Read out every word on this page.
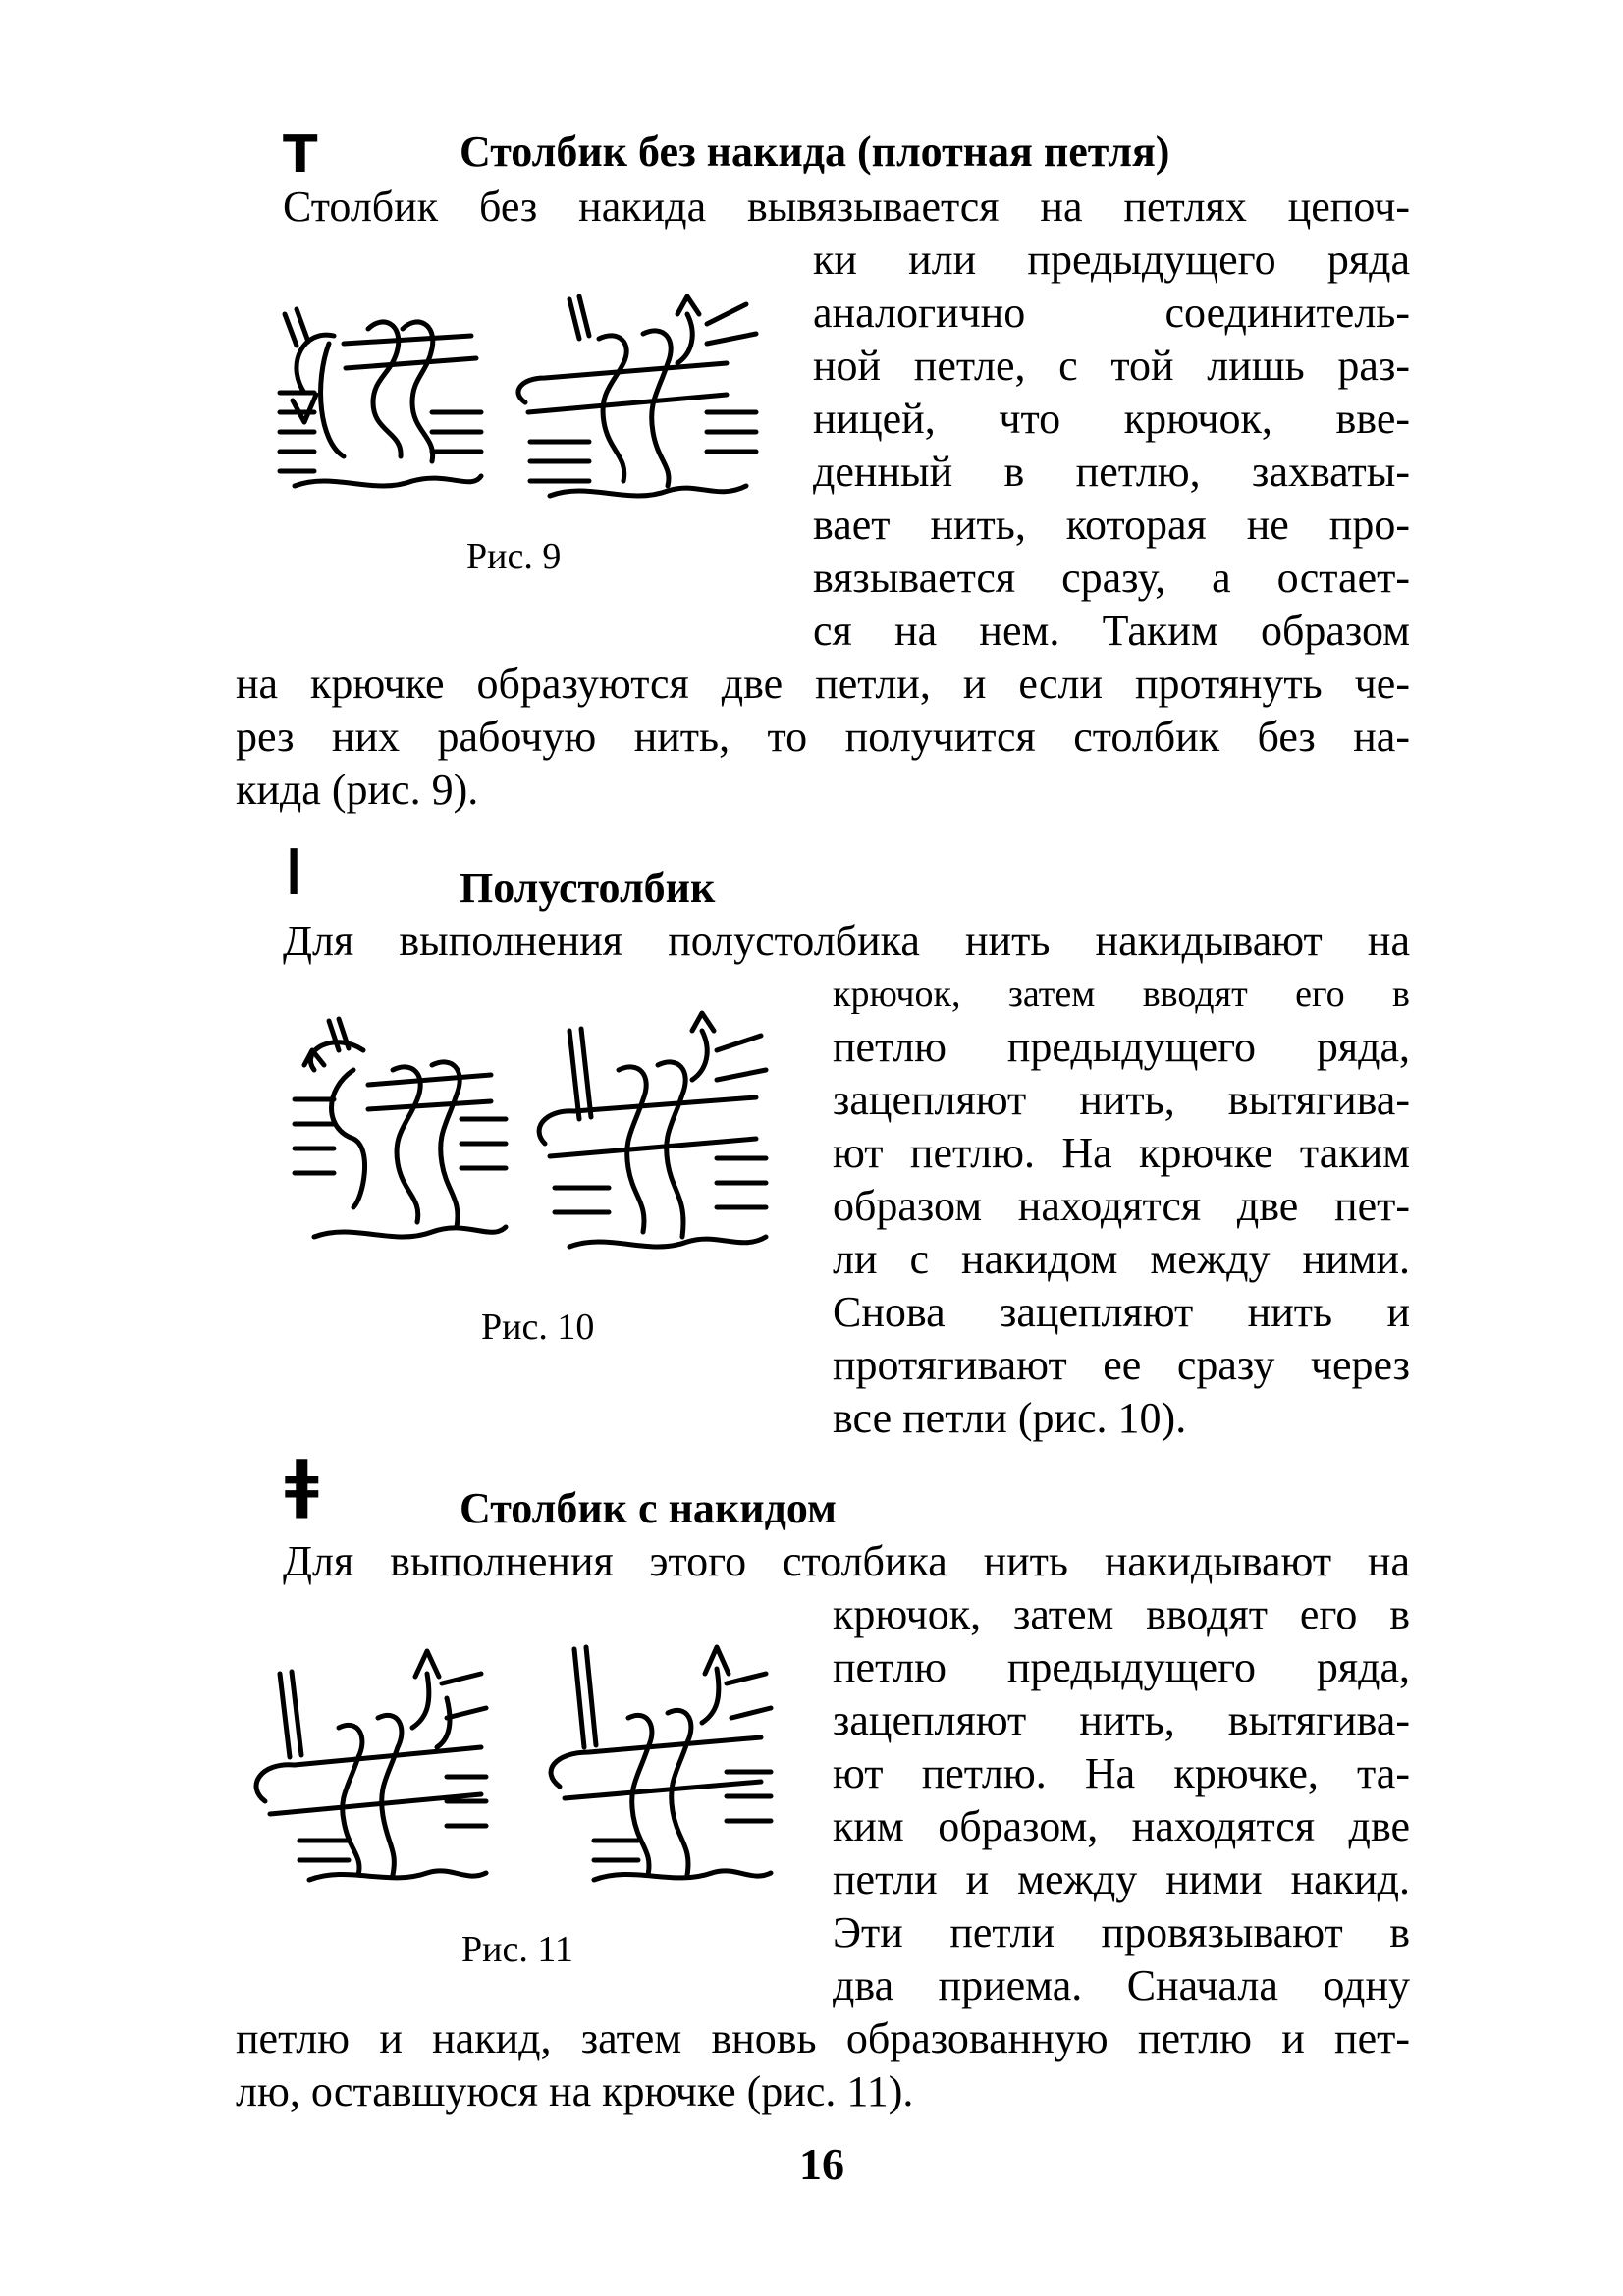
T	Столбик без накида (плотная петля)
Столбик без накида вывязывается на петлях цепоч-
Рис. 9
ки или предыдущего ряда
аналогично соединитель-
ной петле, с той лишь раз-
ницей, что крючок, вве-
денный в петлю, захваты-
вает нить, которая не про-
вязывается сразу, а остает-
ся на нем. Таким образом
на крючке образуются две петли, и если протянуть че-
рез них рабочую нить, то получится столбик без на-
кида (рис. 9).
I	Полустолбик
Для выполнения полустолбика нить накидывают на
Рис. 10
крючок, затем вводят его в
петлю предыдущего ряда,
зацепляют нить, вытягива-
ют петлю. На крючке таким
образом находятся две пет-
ли с накидом между ними.
Снова зацепляют нить и
протягивают ее сразу через
все петли (рис. 10).
ǂ	Столбик с накидом
Для выполнения этого столбика нить накидывают на
Рис. 11
крючок, затем вводят его в
петлю предыдущего ряда,
зацепляют нить, вытягива-
ют петлю. На крючке, та-
ким образом, находятся две
петли и между ними накид.
Эти петли провязывают в
два приема. Сначала одну
петлю и накид, затем вновь образованную петлю и пет-
лю, оставшуюся на крючке (рис. 11).
16
